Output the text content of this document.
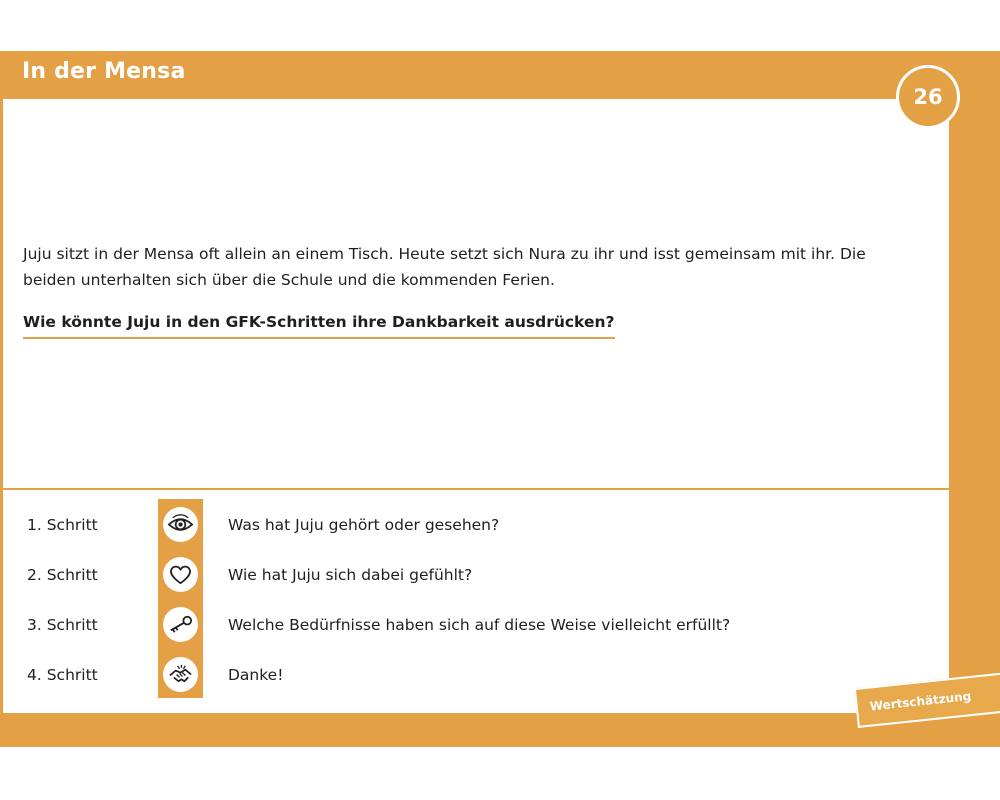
In der Mensa
26

Juju sitzt in der Mensa oft allein an einem Tisch. Heute setzt sich Nura zu ihr und isst gemeinsam mit ihr. Die beiden unterhalten sich über die Schule und die kommenden Ferien.

Wie könnte Juju in den GFK-Schritten ihre Dankbarkeit ausdrücken?

1. Schritt	Was hat Juju gehört oder gesehen?
2. Schritt	Wie hat Juju sich dabei gefühlt?
3. Schritt	Welche Bedürfnisse haben sich auf diese Weise vielleicht erfüllt?
4. Schritt	Danke!
Wertschätzung
